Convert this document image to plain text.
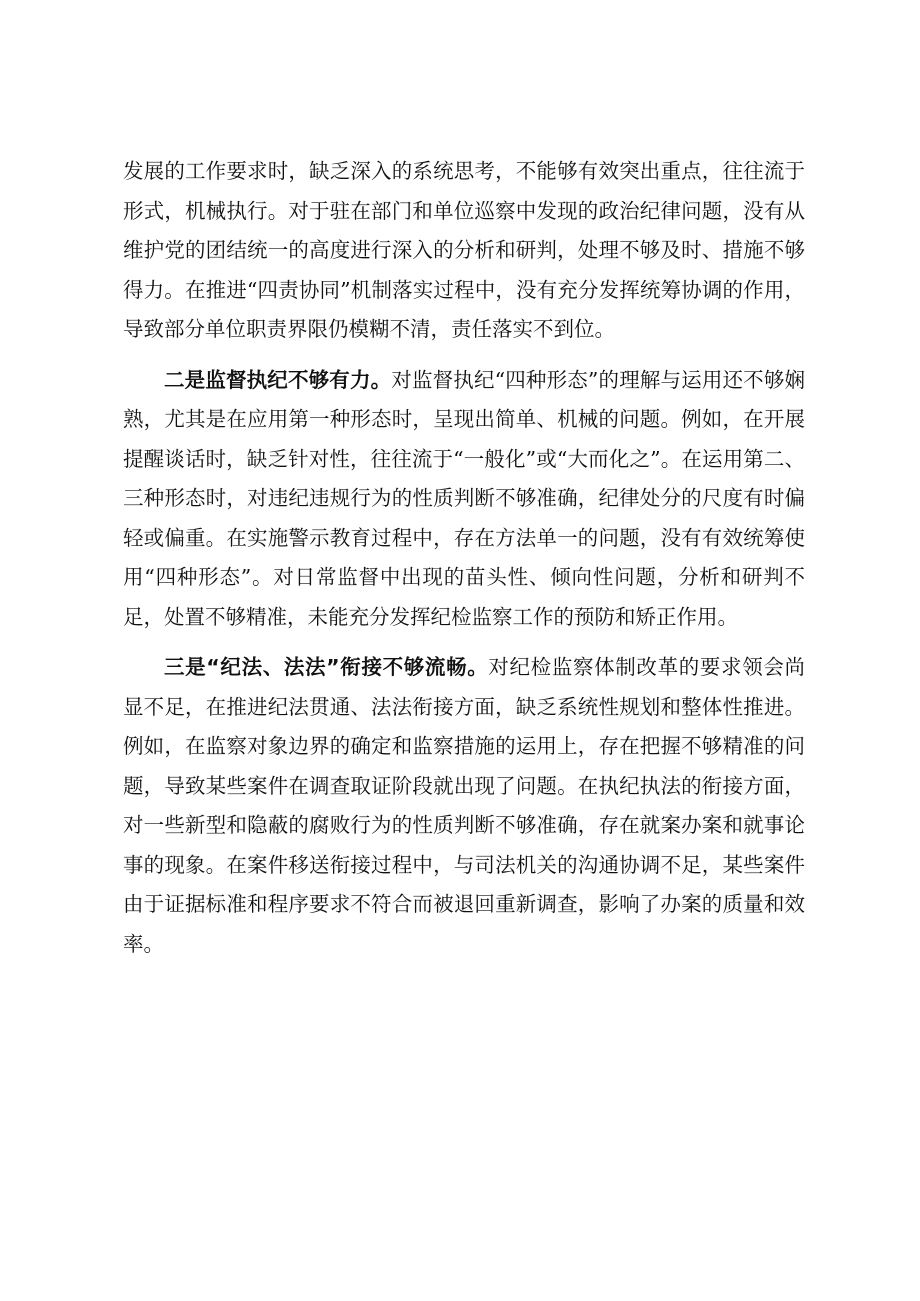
发展的工作要求时，缺乏深入的系统思考，不能够有效突出重点，往往流于形式，机械执行。对于驻在部门和单位巡察中发现的政治纪律问题，没有从维护党的团结统一的高度进行深入的分析和研判，处理不够及时、措施不够得力。在推进“四责协同”机制落实过程中，没有充分发挥统筹协调的作用，导致部分单位职责界限仍模糊不清，责任落实不到位。

二是监督执纪不够有力。对监督执纪“四种形态”的理解与运用还不够娴熟，尤其是在应用第一种形态时，呈现出简单、机械的问题。例如，在开展提醒谈话时，缺乏针对性，往往流于“一般化”或“大而化之”。在运用第二、三种形态时，对违纪违规行为的性质判断不够准确，纪律处分的尺度有时偏轻或偏重。在实施警示教育过程中，存在方法单一的问题，没有有效统筹使用“四种形态”。对日常监督中出现的苗头性、倾向性问题，分析和研判不足，处置不够精准，未能充分发挥纪检监察工作的预防和矫正作用。

三是“纪法、法法”衔接不够流畅。对纪检监察体制改革的要求领会尚显不足，在推进纪法贯通、法法衔接方面，缺乏系统性规划和整体性推进。例如，在监察对象边界的确定和监察措施的运用上，存在把握不够精准的问题，导致某些案件在调查取证阶段就出现了问题。在执纪执法的衔接方面，对一些新型和隐蔽的腐败行为的性质判断不够准确，存在就案办案和就事论事的现象。在案件移送衔接过程中，与司法机关的沟通协调不足，某些案件由于证据标准和程序要求不符合而被退回重新调查，影响了办案的质量和效率。
